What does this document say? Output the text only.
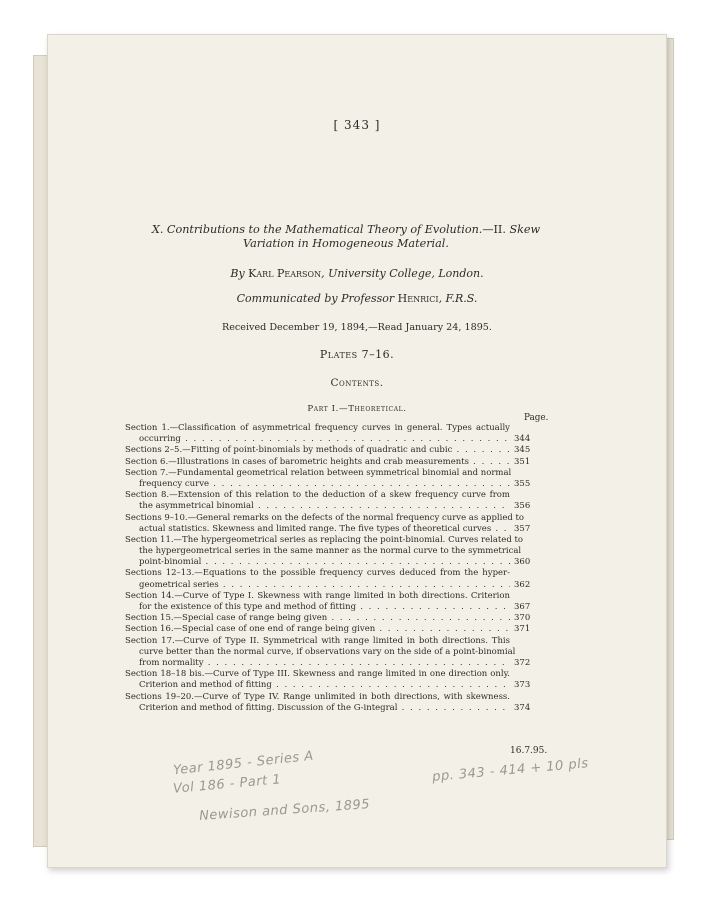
[ 343 ]
X. Contributions to the Mathematical Theory of Evolution.—II. Skew Variation in Homogeneous Material.
By Karl Pearson, University College, London.
Communicated by Professor Henrici, F.R.S.
Received December 19, 1894,—Read January 24, 1895.
Plates 7–16.
Contents.
Part I.—Theoretical.
Page.
Section 1.—Classification of asymmetrical frequency curves in general. Types actually
occurring	344
. . .
Sections 2–5.—Fitting of point-binomials by methods of quadratic and cubic	345
. . .
Section 6.—Illustrations in cases of barometric heights and crab measurements	351
. . .
Section 7.—Fundamental geometrical relation between symmetrical binomial and normal
frequency curve	355
. . .
Section 8.—Extension of this relation to the deduction of a skew frequency curve from
the asymmetrical binomial	356
. . .
Sections 9–10.—General remarks on the defects of the normal frequency curve as applied to
actual statistics. Skewness and limited range. The five types of theoretical curves	357
. . .
Section 11.—The hypergeometrical series as replacing the point-binomial. Curves related to
the hypergeometrical series in the same manner as the normal curve to the symmetrical
point-binomial	360
. . .
Sections 12–13.—Equations to the possible frequency curves deduced from the hyper-
geometrical series	362
. . .
Section 14.—Curve of Type I. Skewness with range limited in both directions. Criterion
for the existence of this type and method of fitting	367
. . .
Section 15.—Special case of range being given	370
. . .
Section 16.—Special case of one end of range being given	371
. . .
Section 17.—Curve of Type II. Symmetrical with range limited in both directions. This
curve better than the normal curve, if observations vary on the side of a point-binomial
from normality	372
. . .
Section 18–18 bis.—Curve of Type III. Skewness and range limited in one direction only.
Criterion and method of fitting	373
. . .
Sections 19–20.—Curve of Type IV. Range unlimited in both directions, with skewness.
Criterion and method of fitting. Discussion of the G-integral	374
. . .
16.7.95.
Year 1895 - Series A
Vol 186 - Part 1
Newison and Sons, 1895
pp. 343 - 414 + 10 pls
